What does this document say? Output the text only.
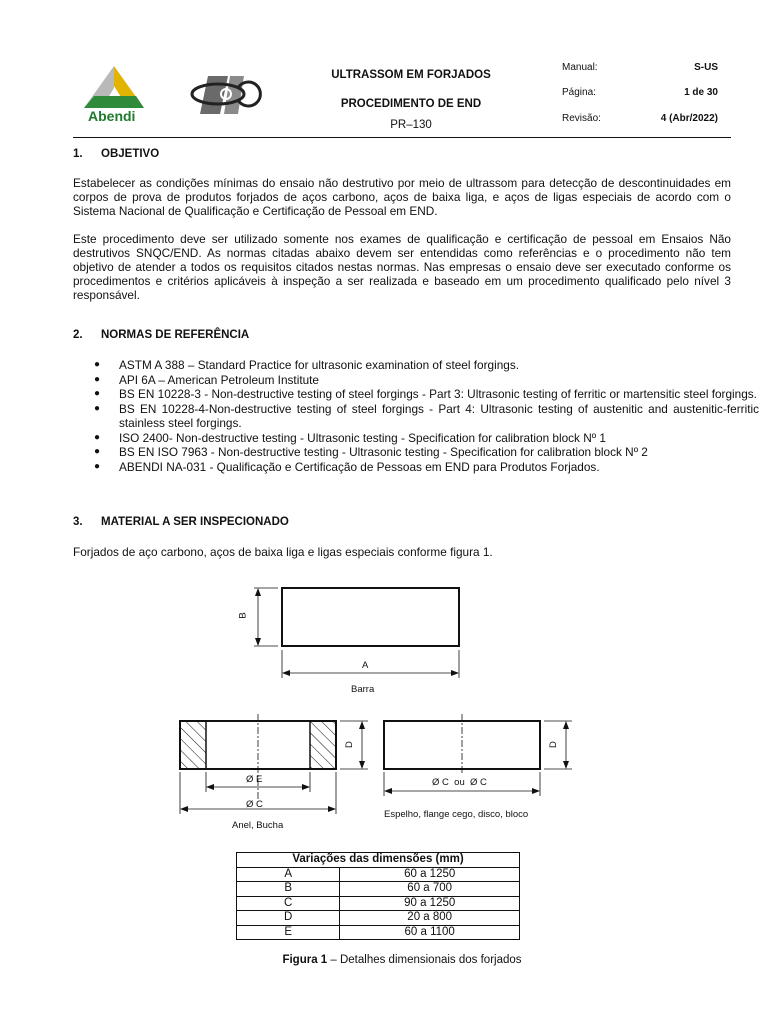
Abendi
ULTRASSOM EM FORJADOS
PROCEDIMENTO DE END
PR–130
Manual:	S-US
Página:	1 de 30
Revisão:	4 (Abr/2022)
1. OBJETIVO
Estabelecer as condições mínimas do ensaio não destrutivo por meio de ultrassom para detecção de descontinuidades em corpos de prova de produtos forjados de aços carbono, aços de baixa liga, e aços de ligas especiais de acordo com o Sistema Nacional de Qualificação e Certificação de Pessoal em END.
Este procedimento deve ser utilizado somente nos exames de qualificação e certificação de pessoal em Ensaios Não destrutivos SNQC/END. As normas citadas abaixo devem ser entendidas como referências e o procedimento não tem objetivo de atender a todos os requisitos citados nestas normas. Nas empresas o ensaio deve ser executado conforme os procedimentos e critérios aplicáveis à inspeção a ser realizada e baseado em um procedimento qualificado pelo nível 3 responsável.
2. NORMAS DE REFERÊNCIA
● ASTM A 388 – Standard Practice for ultrasonic examination of steel forgings.
● API 6A – American Petroleum Institute
● BS EN 10228-3 - Non-destructive testing of steel forgings - Part 3: Ultrasonic testing of ferritic or martensitic steel forgings.
● BS EN 10228-4-Non-destructive testing of steel forgings - Part 4: Ultrasonic testing of austenitic and austenitic-ferritic stainless steel forgings.
● ISO 2400- Non-destructive testing - Ultrasonic testing - Specification for calibration block Nº 1
● BS EN ISO 7963 - Non-destructive testing - Ultrasonic testing - Specification for calibration block Nº 2
● ABENDI NA-031 - Qualificação e Certificação de Pessoas em END para Produtos Forjados.
3. MATERIAL A SER INSPECIONADO
Forjados de aço carbono, aços de baixa liga e ligas especiais conforme figura 1.
B
A
Barra
D
Ø E
Ø C
Anel, Bucha
D
Ø C  ou  Ø C
Espelho, flange cego, disco, bloco
Variações das dimensões (mm)	
A	60 a 1250
B	60 a 700
C	90 a 1250
D	20 a 800
E	60 a 1100
Figura 1 – Detalhes dimensionais dos forjados
